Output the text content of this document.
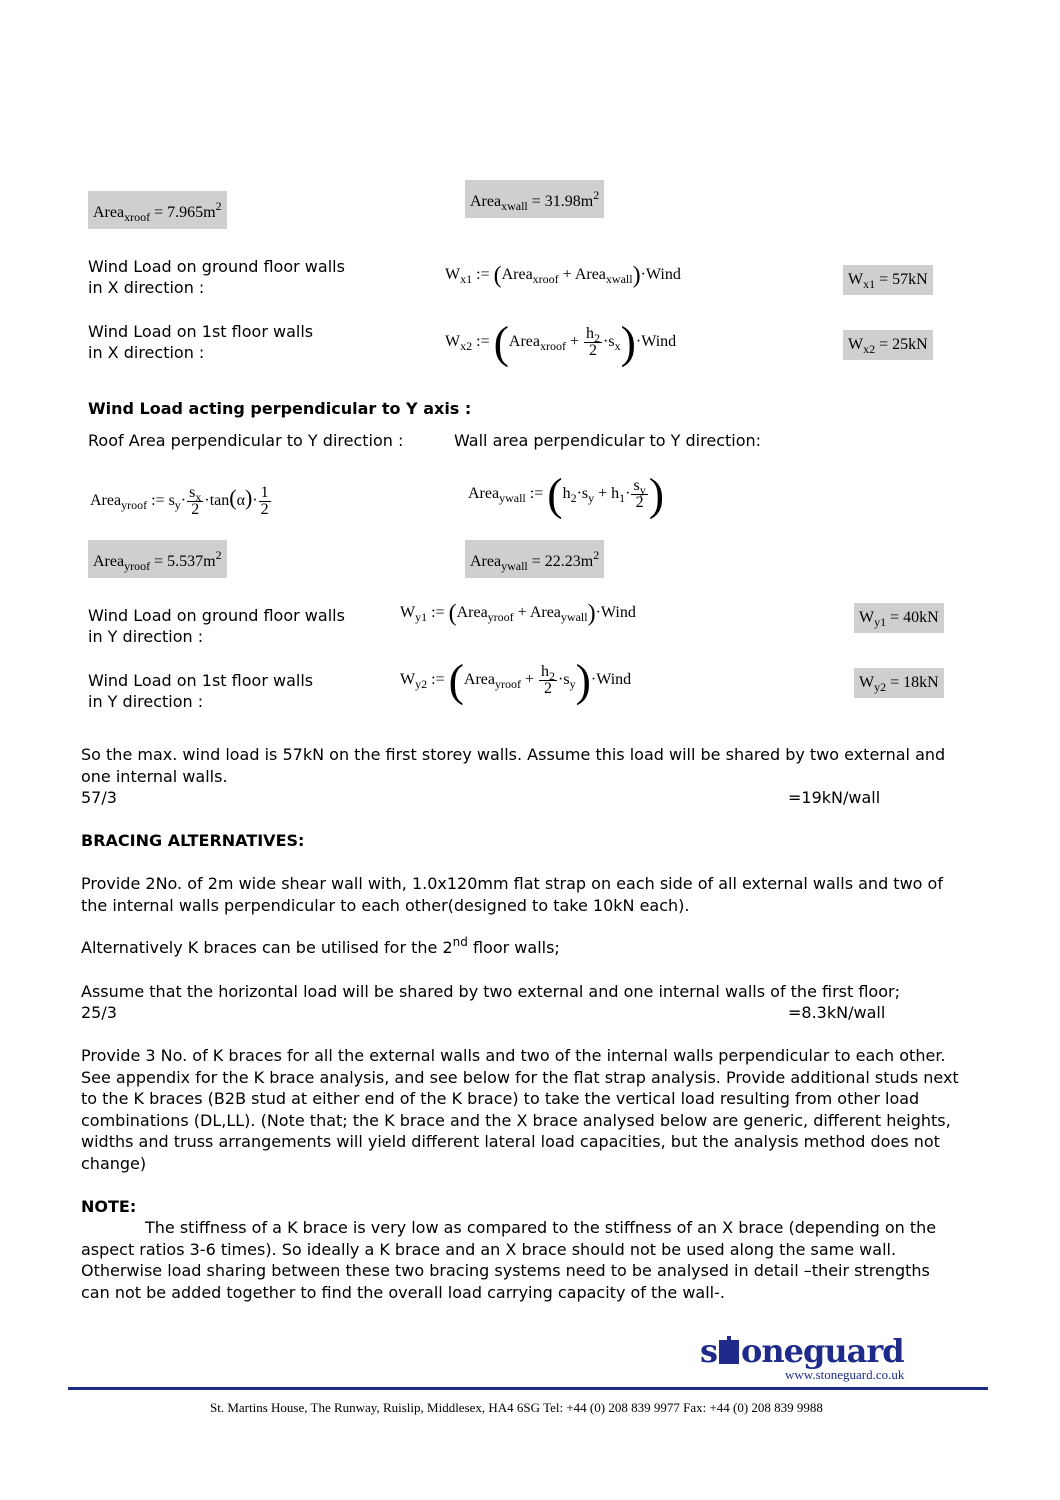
Area$_{xroof}$ = $7.965m^2$	Area$_{xwall}$ = $31.98m^2$
Wind Load on ground floor walls
in X direction :
$W_{x1}$ := (Area$_{xroof}$ + Area$_{xwall}$)·Wind	$W_{x1} = 57kN$
Wind Load on 1st floor walls
in X direction :
$W_{x2}$ := (Area$_{xroof}$ + $\frac{h_2}{2}$ $\cdot s_x)\cdot Wind$	$W_{x2} = 25kN$
Wind Load acting perpendicular to Y axis :
Roof Area perpendicular to Y direction :	Wall area perpendicular to Y direction:
Area$_{yroof}$ := $s_y\cdot \frac{s_x}{2} \cdot\tan(\alpha)\cdot \frac{1}{2}$	Area$_{ywall}$ := ($h_2\cdot s_y + h_1\cdot \frac{s_y}{2}$ )
Area$_{yroof}$ = $5.537m^2$	Area$_{ywall}$ = $22.23m^2$
Wind Load on ground floor walls
in Y direction :
$W_{y1}$ := (Area$_{yroof}$ + Area$_{ywall}$)·Wind	$W_{y1} = 40kN$
Wind Load on 1st floor walls
in Y direction :
$W_{y2}$ := (Area$_{yroof}$ + $\frac{h_2}{2}$ $\cdot s_y)\cdot Wind$	$W_{y2} = 18kN$
So the max. wind load is 57kN on the first storey walls. Assume this load will be shared by two external and
one internal walls.
57/3	=19kN/wall
BRACING ALTERNATIVES:
Provide 2No. of 2m wide shear wall with, 1.0x120mm flat strap on each side of all external walls and two of
the internal walls perpendicular to each other(designed to take 10kN each).
Alternatively K braces can be utilised for the 2nd floor walls;
Assume that the horizontal load will be shared by two external and one internal walls of the first floor;
25/3	=8.3kN/wall
Provide 3 No. of K braces for all the external walls and two of the internal walls perpendicular to each other.
See appendix for the K brace analysis, and see below for the flat strap analysis. Provide additional studs next
to the K braces (B2B stud at either end of the K brace) to take the vertical load resulting from other load
combinations (DL,LL). (Note that; the K brace and the X brace analysed below are generic, different heights,
widths and truss arrangements will yield different lateral load capacities, but the analysis method does not
change)
NOTE:
The stiffness of a K brace is very low as compared to the stiffness of an X brace (depending on the
aspect ratios 3-6 times). So ideally a K brace and an X brace should not be used along the same wall.
Otherwise load sharing between these two bracing systems need to be analysed in detail –their strengths
can not be added together to find the overall load carrying capacity of the wall-.
s oneguard
www.stoneguard.co.uk
St. Martins House, The Runway, Ruislip, Middlesex, HA4 6SG Tel: +44 (0) 208 839 9977 Fax: +44 (0) 208 839 9988
